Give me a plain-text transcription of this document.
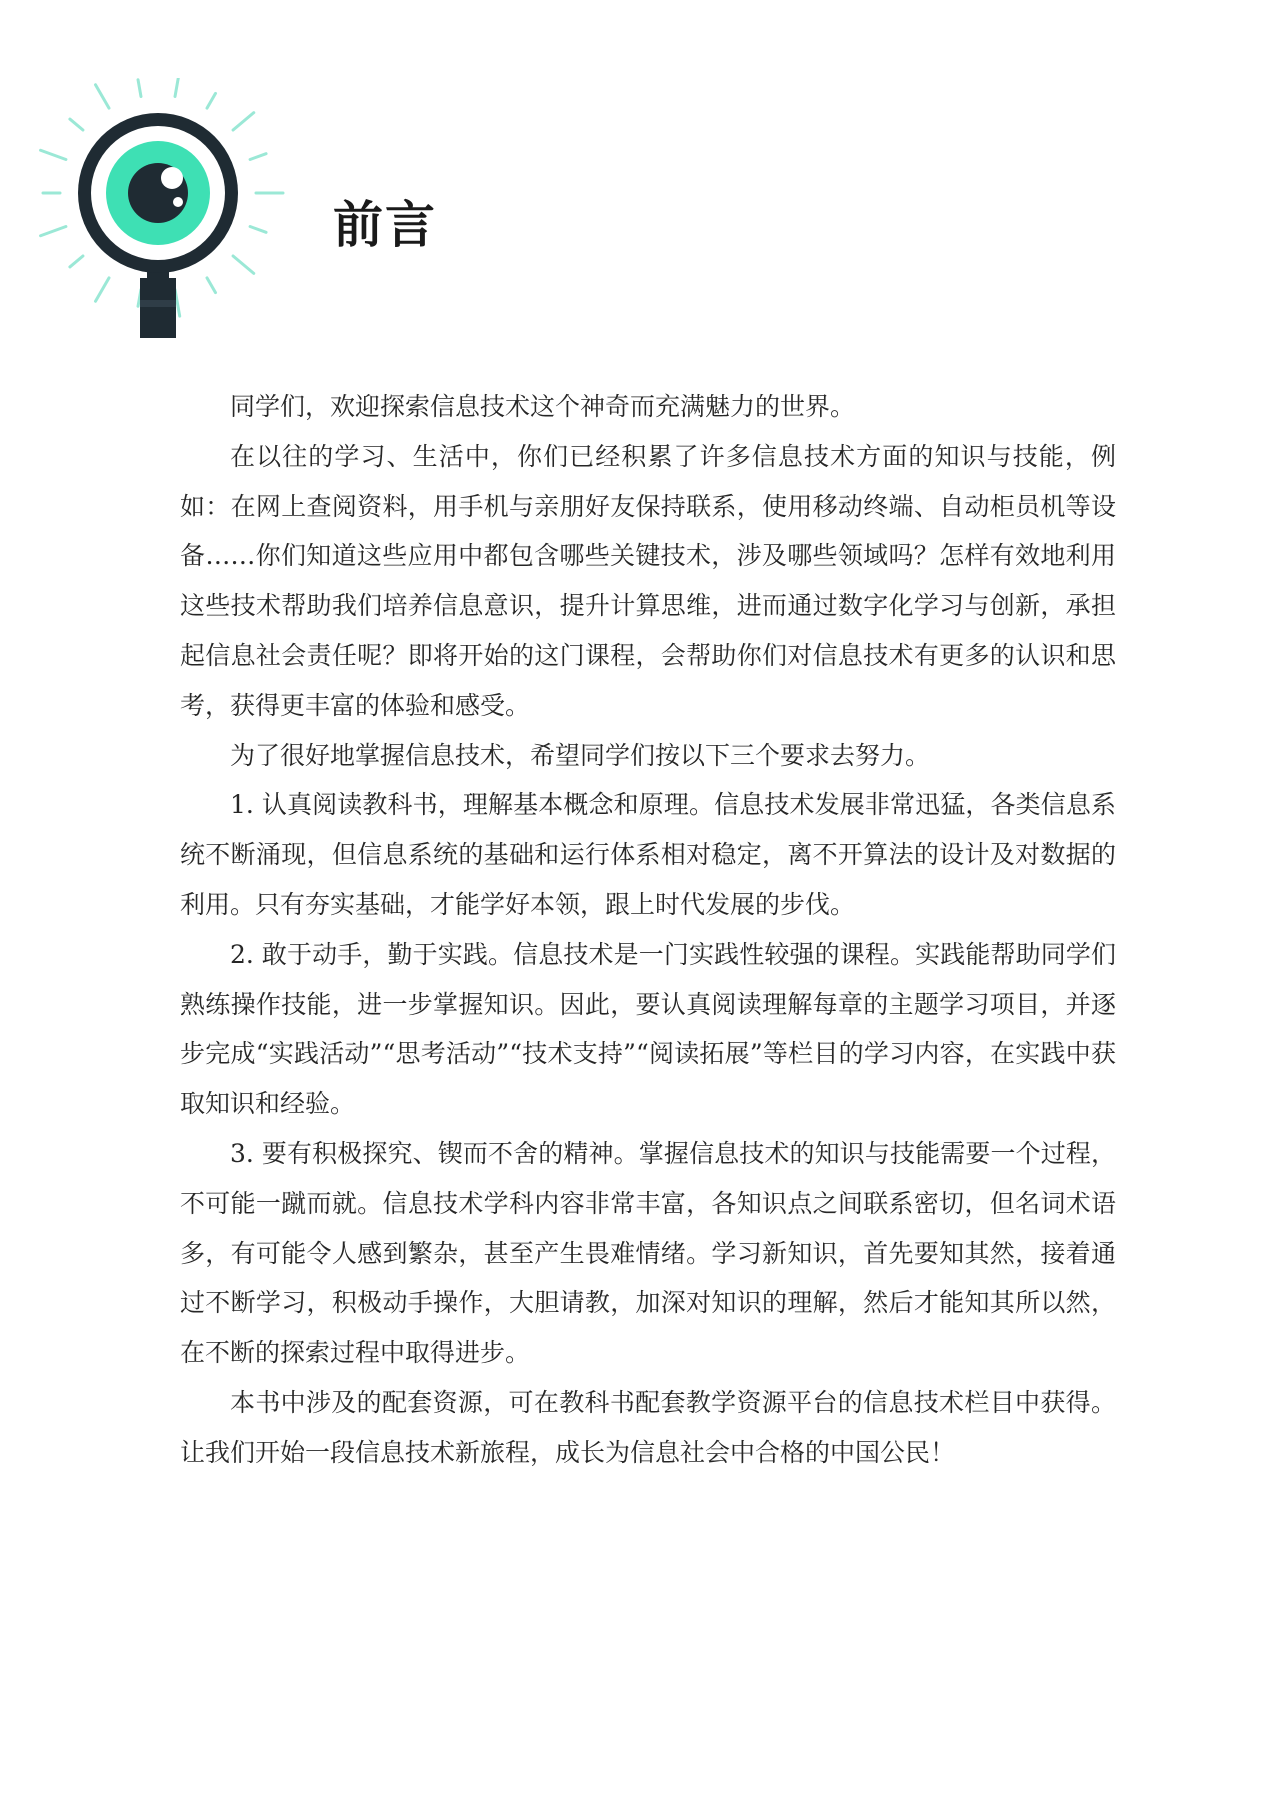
前言

同学们，欢迎探索信息技术这个神奇而充满魅力的世界。

在以往的学习、生活中，你们已经积累了许多信息技术方面的知识与技能，例如：在网上查阅资料，用手机与亲朋好友保持联系，使用移动终端、自动柜员机等设备……你们知道这些应用中都包含哪些关键技术，涉及哪些领域吗？怎样有效地利用这些技术帮助我们培养信息意识，提升计算思维，进而通过数字化学习与创新，承担起信息社会责任呢？即将开始的这门课程，会帮助你们对信息技术有更多的认识和思考，获得更丰富的体验和感受。

为了很好地掌握信息技术，希望同学们按以下三个要求去努力。

1. 认真阅读教科书，理解基本概念和原理。信息技术发展非常迅猛，各类信息系统不断涌现，但信息系统的基础和运行体系相对稳定，离不开算法的设计及对数据的利用。只有夯实基础，才能学好本领，跟上时代发展的步伐。

2. 敢于动手，勤于实践。信息技术是一门实践性较强的课程。实践能帮助同学们熟练操作技能，进一步掌握知识。因此，要认真阅读理解每章的主题学习项目，并逐步完成“实践活动”“思考活动”“技术支持”“阅读拓展”等栏目的学习内容，在实践中获取知识和经验。

3. 要有积极探究、锲而不舍的精神。掌握信息技术的知识与技能需要一个过程，不可能一蹴而就。信息技术学科内容非常丰富，各知识点之间联系密切，但名词术语多，有可能令人感到繁杂，甚至产生畏难情绪。学习新知识，首先要知其然，接着通过不断学习，积极动手操作，大胆请教，加深对知识的理解，然后才能知其所以然，在不断的探索过程中取得进步。

本书中涉及的配套资源，可在教科书配套教学资源平台的信息技术栏目中获得。让我们开始一段信息技术新旅程，成长为信息社会中合格的中国公民！
